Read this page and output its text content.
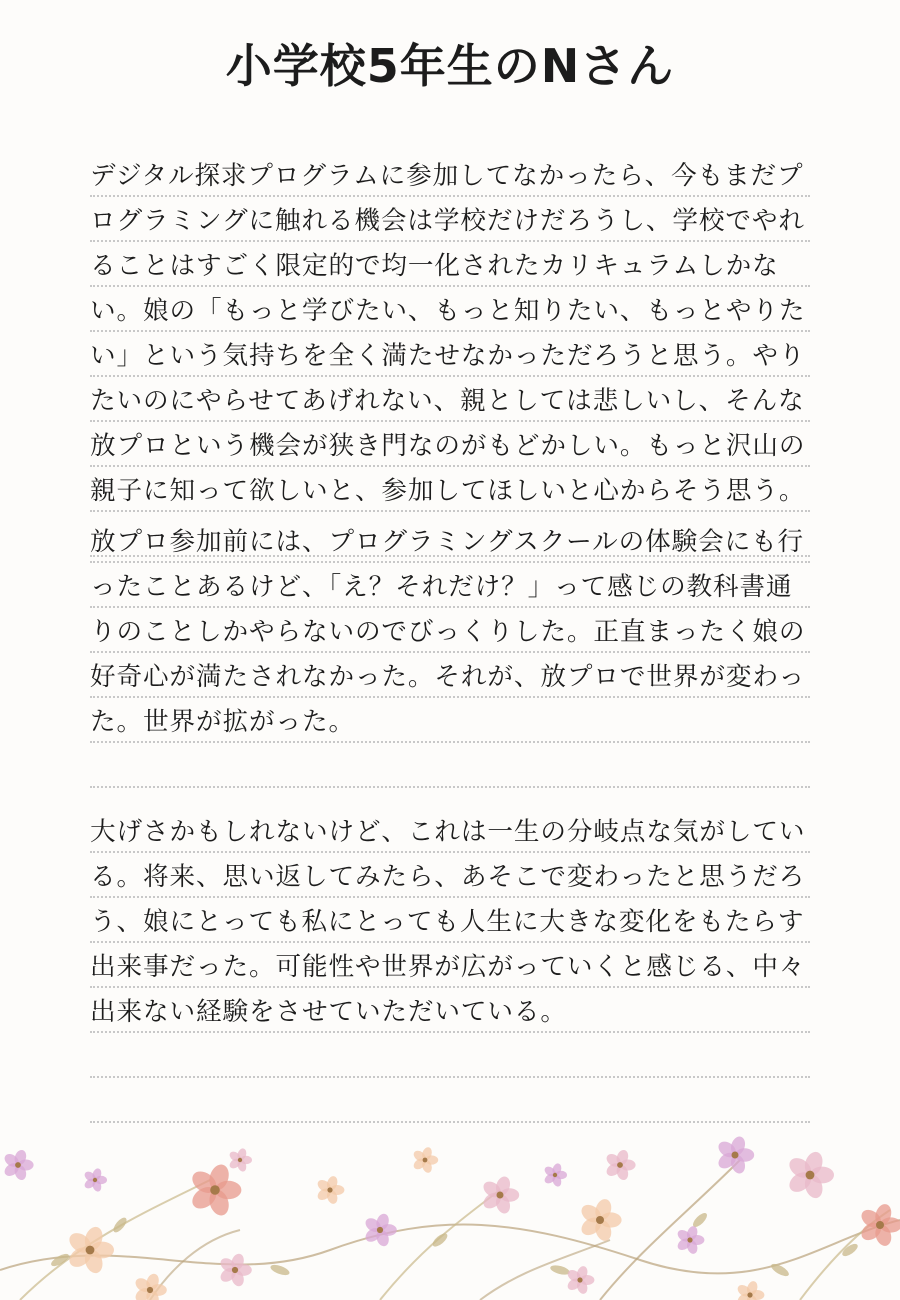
小学校5年生のNさん
デジタル探求プログラムに参加してなかったら、今もまだプ
ログラミングに触れる機会は学校だけだろうし、学校でやれ
ることはすごく限定的で均一化されたカリキュラムしかな
い。娘の「もっと学びたい、もっと知りたい、もっとやりた
い」という気持ちを全く満たせなかっただろうと思う。やり
たいのにやらせてあげれない、親としては悲しいし、そんな
放プロという機会が狭き門なのがもどかしい。もっと沢山の
親子に知って欲しいと、参加してほしいと心からそう思う。
放プロ参加前には、プログラミングスクールの体験会にも行
ったことあるけど、「え？それだけ？」って感じの教科書通
りのことしかやらないのでびっくりした。正直まったく娘の
好奇心が満たされなかった。それが、放プロで世界が変わっ
た。世界が拡がった。
大げさかもしれないけど、これは一生の分岐点な気がしてい
る。将来、思い返してみたら、あそこで変わったと思うだろ
う、娘にとっても私にとっても人生に大きな変化をもたらす
出来事だった。可能性や世界が広がっていくと感じる、中々
出来ない経験をさせていただいている。
